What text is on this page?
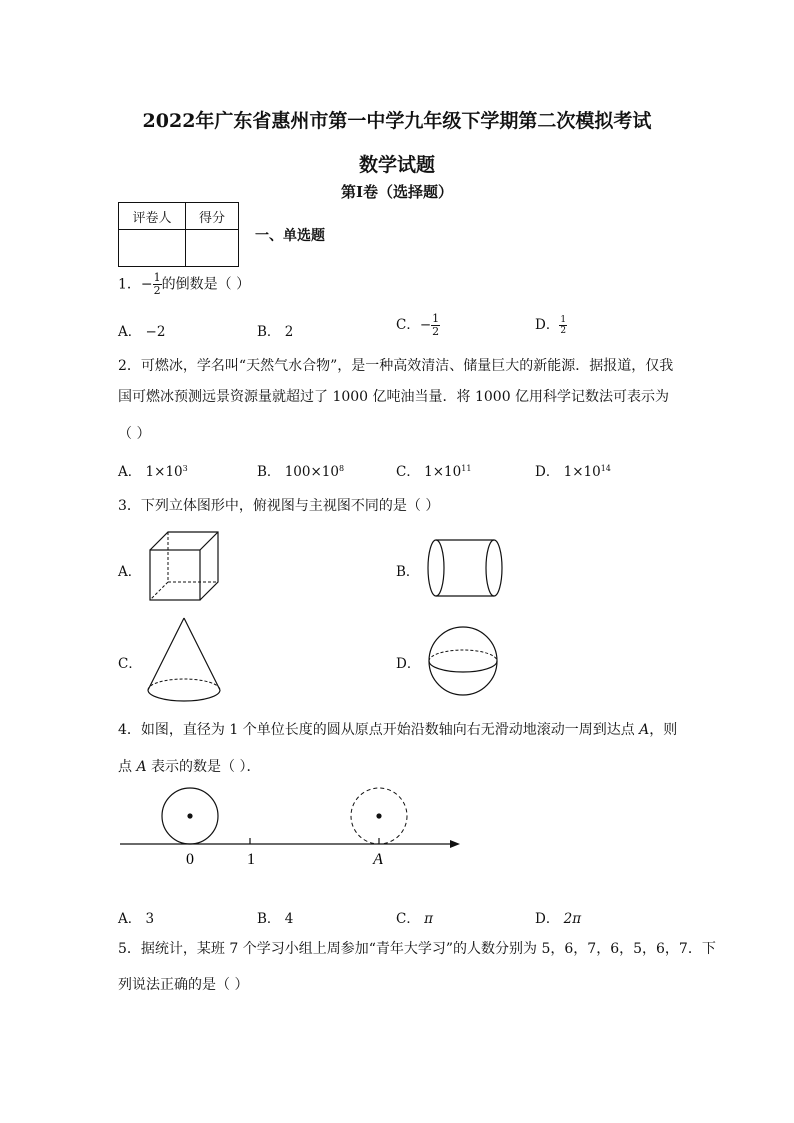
2022年广东省惠州市第一中学九年级下学期第二次模拟考试
数学试题
第Ⅰ卷（选择题）
评卷人	得分

一、单选题
1．− $\frac{1}{2}$ 的倒数是（ ）
A． −2	B． 2	C．− $\frac{1}{2}$	D． $\frac{1}{2}$
2．可燃冰，学名叫“天然气水合物”，是一种高效清洁、储量巨大的新能源．据报道，仅我
国可燃冰预测远景资源量就超过了 1000 亿吨油当量．将 1000 亿用科学记数法可表示为
（ ）
A． $1\times 10^3$	B． $100\times 10^8$	C． $1\times 10^{11}$	D． $1\times 10^{14}$
3．下列立体图形中，俯视图与主视图不同的是（ ）
A．	B．
C．	D．
4．如图，直径为 1 个单位长度的圆从原点开始沿数轴向右无滑动地滚动一周到达点 A，则
点 A 表示的数是（ ）．
0	1	A
A． 3	B． 4	C． π	D． 2π
5．据统计，某班 7 个学习小组上周参加“青年大学习”的人数分别为 5，6，7，6，5，6，7．下
列说法正确的是（ ）
